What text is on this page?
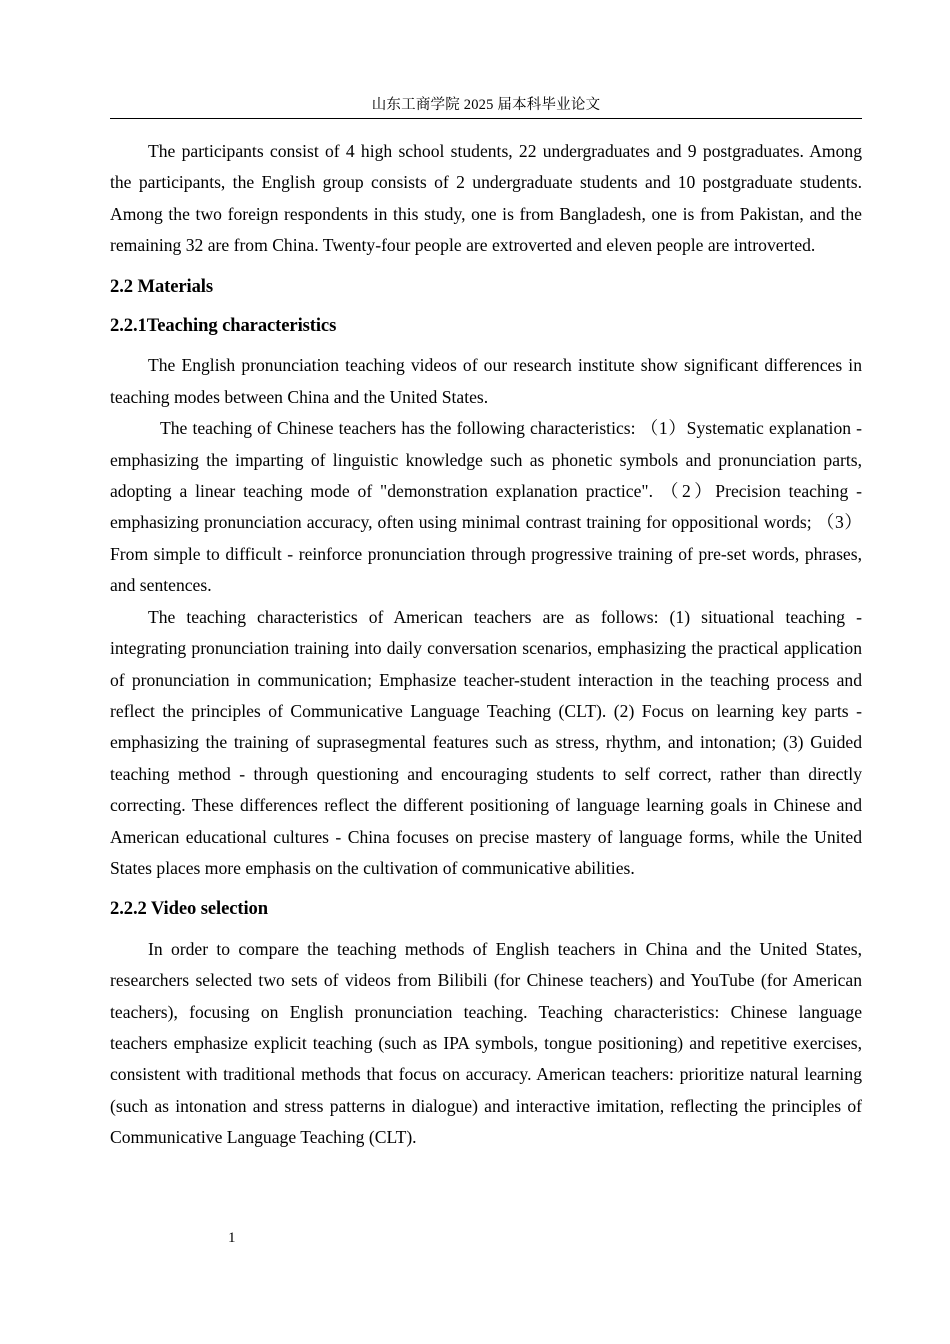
山东工商学院 2025 届本科毕业论文

The participants consist of 4 high school students, 22 undergraduates and 9 postgraduates. Among the participants, the English group consists of 2 undergraduate students and 10 postgraduate students. Among the two foreign respondents in this study, one is from Bangladesh, one is from Pakistan, and the remaining 32 are from China. Twenty-four people are extroverted and eleven people are introverted.

2.2 Materials
2.2.1Teaching characteristics

The English pronunciation teaching videos of our research institute show significant differences in teaching modes between China and the United States.

The teaching of Chinese teachers has the following characteristics: （1）Systematic explanation - emphasizing the imparting of linguistic knowledge such as phonetic symbols and pronunciation parts, adopting a linear teaching mode of "demonstration explanation practice". （2）Precision teaching - emphasizing pronunciation accuracy, often using minimal contrast training for oppositional words; （3） From simple to difficult - reinforce pronunciation through progressive training of pre-set words, phrases, and sentences.

The teaching characteristics of American teachers are as follows: (1) situational teaching - integrating pronunciation training into daily conversation scenarios, emphasizing the practical application of pronunciation in communication; Emphasize teacher-student interaction in the teaching process and reflect the principles of Communicative Language Teaching (CLT). (2) Focus on learning key parts - emphasizing the training of suprasegmental features such as stress, rhythm, and intonation; (3) Guided teaching method - through questioning and encouraging students to self correct, rather than directly correcting. These differences reflect the different positioning of language learning goals in Chinese and American educational cultures - China focuses on precise mastery of language forms, while the United States places more emphasis on the cultivation of communicative abilities.

2.2.2 Video selection

In order to compare the teaching methods of English teachers in China and the United States, researchers selected two sets of videos from Bilibili (for Chinese teachers) and YouTube (for American teachers), focusing on English pronunciation teaching. Teaching characteristics: Chinese language teachers emphasize explicit teaching (such as IPA symbols, tongue positioning) and repetitive exercises, consistent with traditional methods that focus on accuracy. American teachers: prioritize natural learning (such as intonation and stress patterns in dialogue) and interactive imitation, reflecting the principles of Communicative Language Teaching (CLT).

1
